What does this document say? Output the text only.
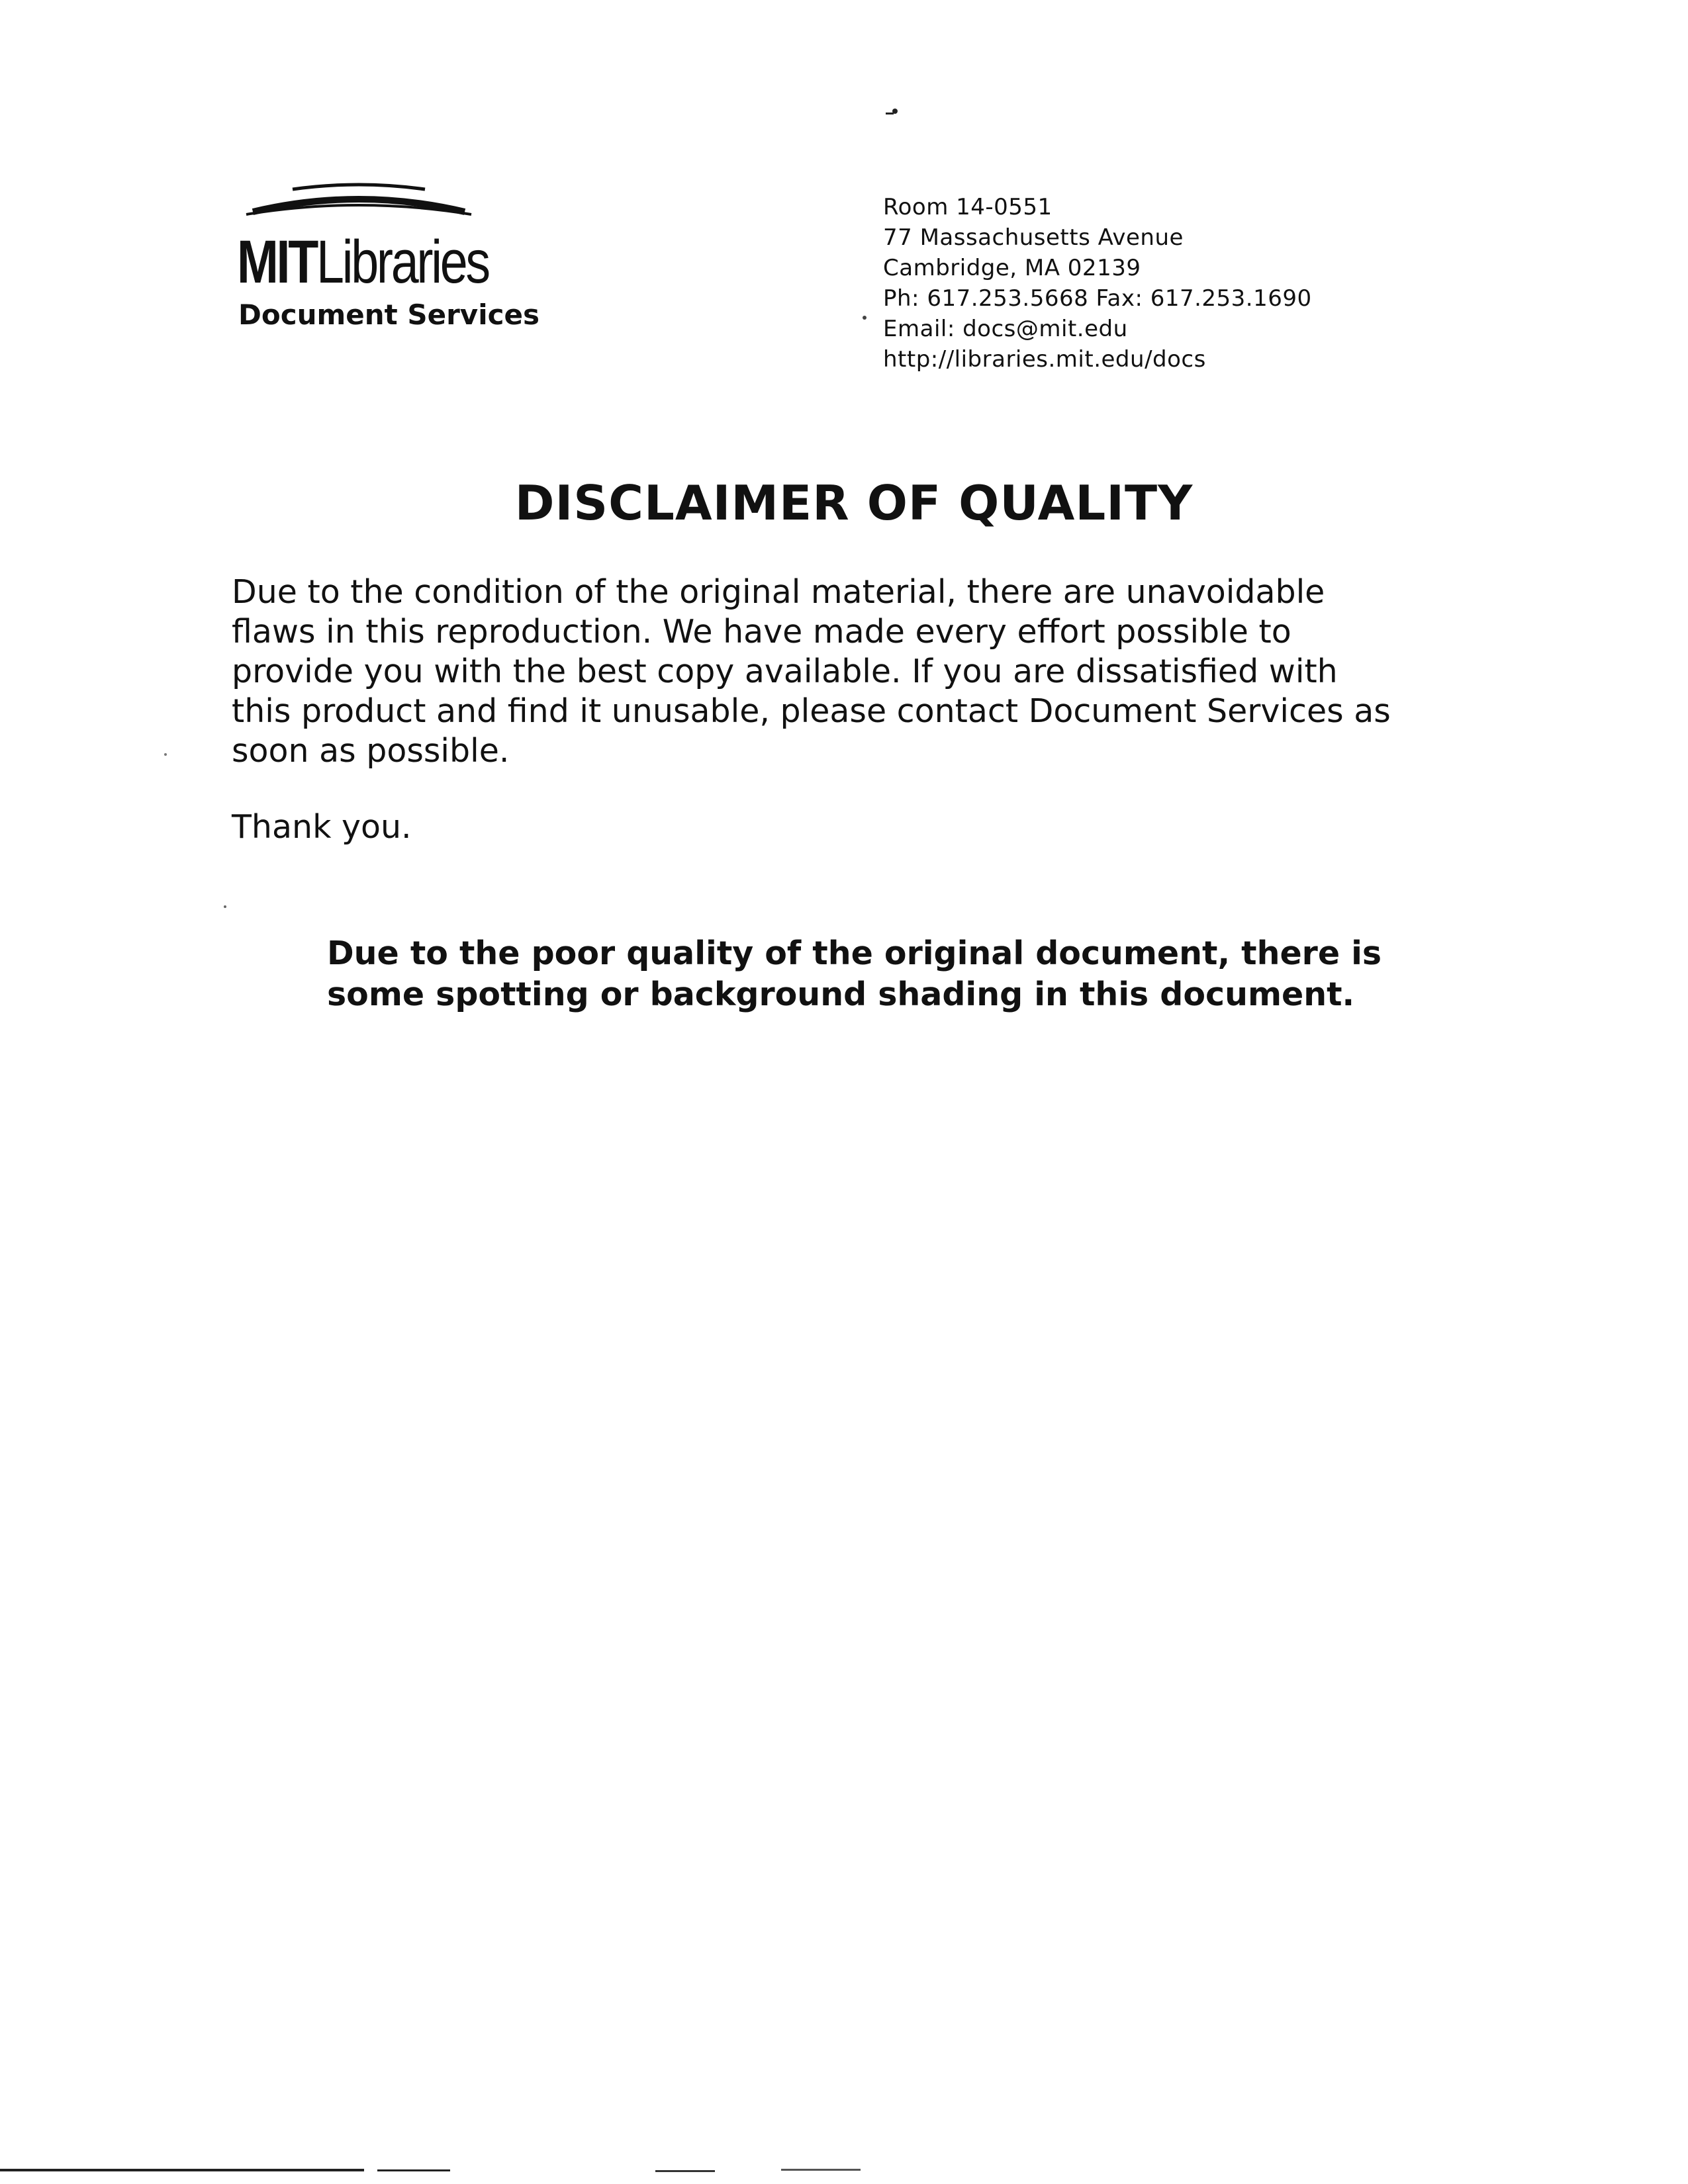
MITLibraries
Document Services
Room 14-0551
77 Massachusetts Avenue
Cambridge, MA 02139
Ph: 617.253.5668 Fax: 617.253.1690
Email: docs@mit.edu
http://libraries.mit.edu/docs
DISCLAIMER OF QUALITY
Due to the condition of the original material, there are unavoidable
flaws in this reproduction. We have made every effort possible to
provide you with the best copy available. If you are dissatisfied with
this product and find it unusable, please contact Document Services as
soon as possible.
Thank you.
Due to the poor quality of the original document, there is
some spotting or background shading in this document.
